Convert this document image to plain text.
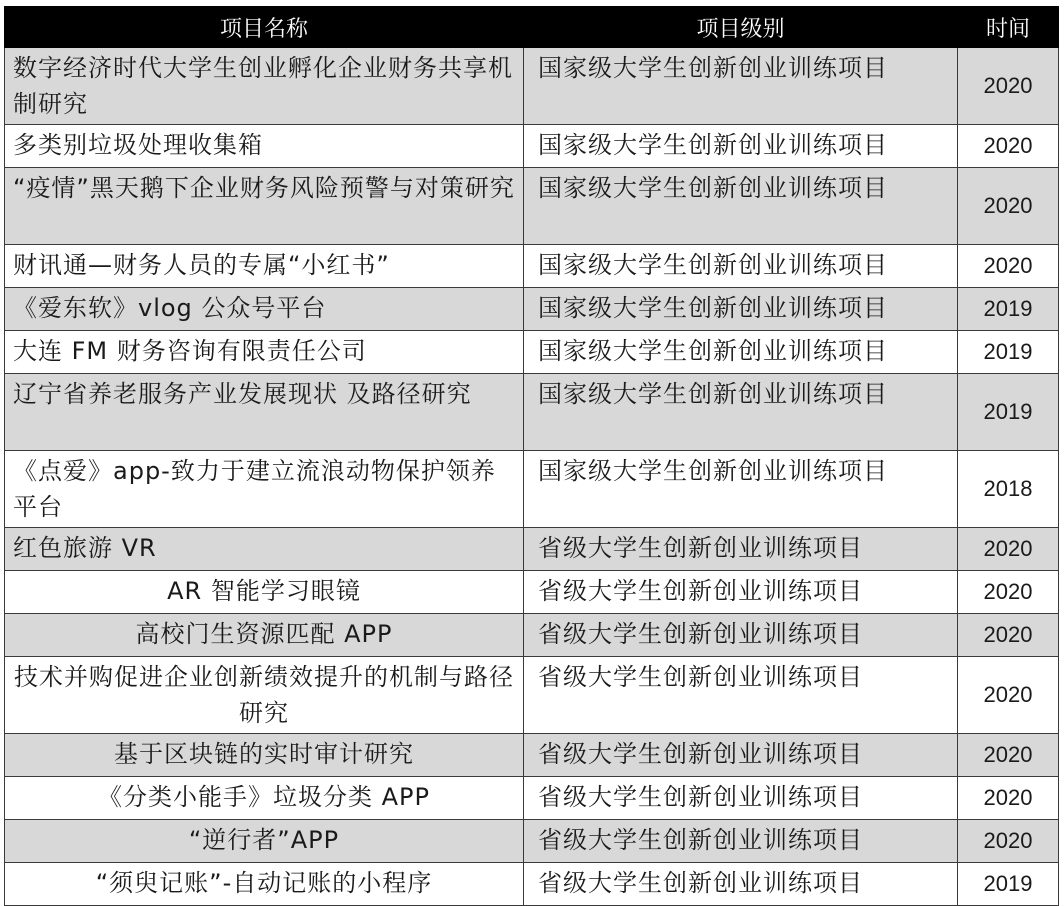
项目名称	项目级别	时间
数字经济时代大学生创业孵化企业财务共享机制研究	国家级大学生创新创业训练项目	2020
多类别垃圾处理收集箱	国家级大学生创新创业训练项目	2020
“疫情”黑天鹅下企业财务风险预警与对策研究	国家级大学生创新创业训练项目	2020
财讯通—财务人员的专属“小红书”	国家级大学生创新创业训练项目	2020
《爱东软》vlog 公众号平台	国家级大学生创新创业训练项目	2019
大连 FM 财务咨询有限责任公司	国家级大学生创新创业训练项目	2019
辽宁省养老服务产业发展现状 及路径研究	国家级大学生创新创业训练项目	2019
《点爱》app-致力于建立流浪动物保护领养平台	国家级大学生创新创业训练项目	2018
红色旅游 VR	省级大学生创新创业训练项目	2020
AR 智能学习眼镜	省级大学生创新创业训练项目	2020
高校门生资源匹配 APP	省级大学生创新创业训练项目	2020
技术并购促进企业创新绩效提升的机制与路径研究	省级大学生创新创业训练项目	2020
基于区块链的实时审计研究	省级大学生创新创业训练项目	2020
《分类小能手》垃圾分类 APP	省级大学生创新创业训练项目	2020
“逆行者”APP	省级大学生创新创业训练项目	2020
“须臾记账”-自动记账的小程序	省级大学生创新创业训练项目	2019
